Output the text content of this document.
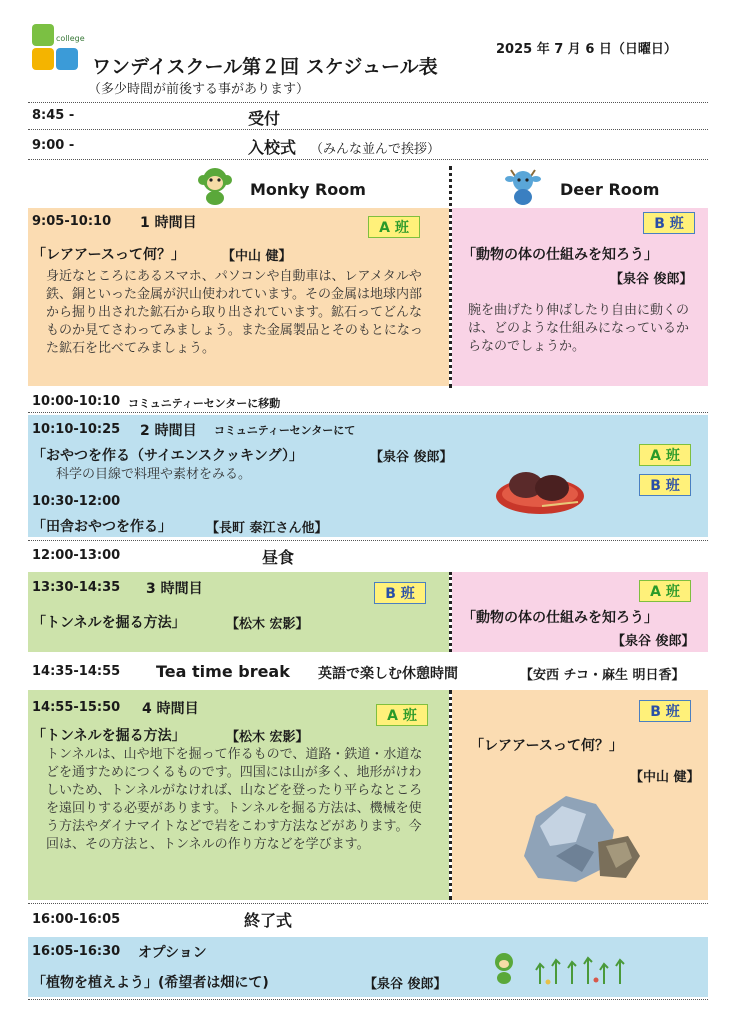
college
ワンデイスクール第２回 スケジュール表
（多少時間が前後する事があります）
2025 年 7 月 6 日（日曜日）
8:45 -	受付
9:00 -	入校式 （みんな並んで挨拶）
Monky Room	Deer Room
9:05-10:10 1 時間目	A 班
「レアアースって何？」	【中山 健】
身近なところにあるスマホ、パソコンや自動車は、レアメタルや鉄、銅といった金属が沢山使われています。その金属は地球内部から掘り出された鉱石から取り出されています。鉱石ってどんなものか見てさわってみましょう。また金属製品とそのもとになった鉱石を比べてみましょう。
B 班
「動物の体の仕組みを知ろう」
【泉谷 俊郎】
腕を曲げたり伸ばしたり自由に動くのは、どのような仕組みになっているからなのでしょうか。
10:00-10:10 コミュニティーセンターに移動
10:10-10:25 2 時間目 コミュニティーセンターにて
「おやつを作る（サイエンスクッキング）」	【泉谷 俊郎】
科学の目線で料理や素材をみる。
10:30-12:00
「田舎おやつを作る」	【長町 泰江さん他】
A 班
B 班
12:00-13:00	昼食
13:30-14:35 3 時間目	B 班
「トンネルを掘る方法」	【松木 宏影】
A 班
「動物の体の仕組みを知ろう」
【泉谷 俊郎】
14:35-14:55 Tea time break 英語で楽しむ休憩時間	【安西 チコ・麻生 明日香】
14:55-15:50 4 時間目	A 班
「トンネルを掘る方法」	【松木 宏影】
トンネルは、山や地下を掘って作るもので、道路・鉄道・水道などを通すためにつくるものです。四国には山が多く、地形がけわしいため、トンネルがなければ、山などを登ったり平らなところを遠回りする必要があります。トンネルを掘る方法は、機械を使う方法やダイナマイトなどで岩をこわす方法などがあります。今回は、その方法と、トンネルの作り方などを学びます。
B 班
「レアアースって何？」
【中山 健】
16:00-16:05	終了式
16:05-16:30 オプション
「植物を植えよう」(希望者は畑にて)	【泉谷 俊郎】
